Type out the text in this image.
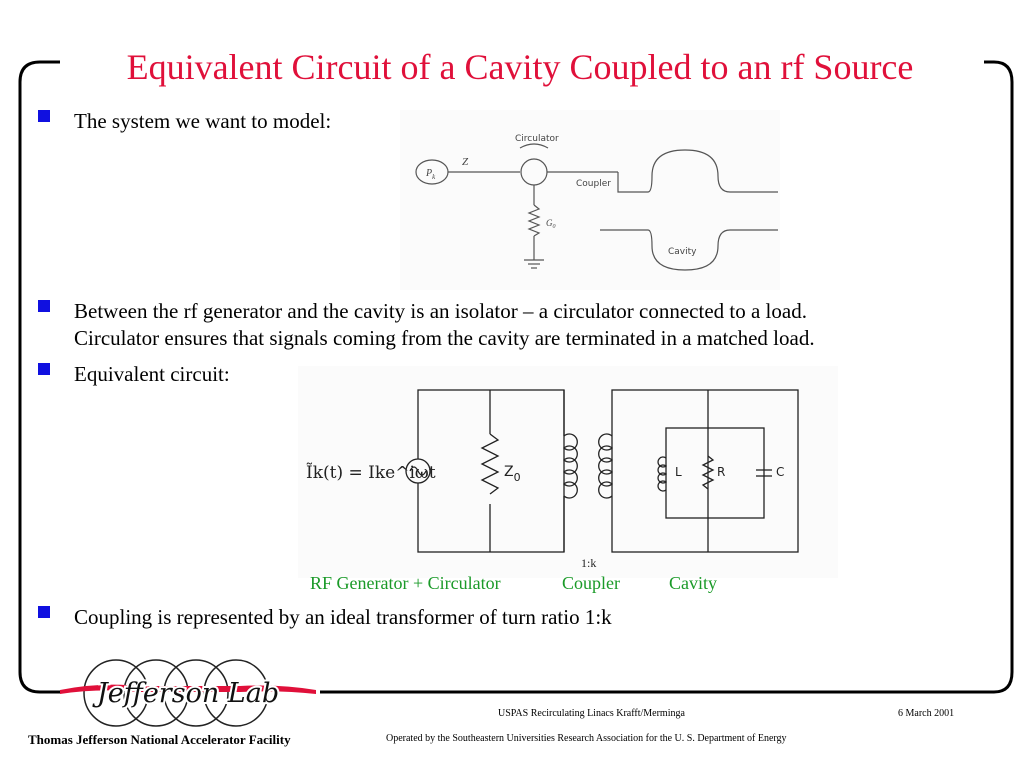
Equivalent Circuit of a Cavity Coupled to an rf Source
The system we want to model:
$P_k$
Z
Circulator
Coupler
$G_0$
Cavity
Between the rf generator and the cavity is an isolator – a circulator connected to a load.
Circulator ensures that signals coming from the cavity are terminated in a matched load.
Equivalent circuit:
Ĩk(t) = Ike^iωt	$Z_0$	L	R	C
1:k
RF Generator + Circulator	Coupler	Cavity
Coupling is represented by an ideal transformer of turn ratio 1:k
Jefferson Lab
USPAS Recirculating Linacs Krafft/Merminga	6 March 2001
Thomas Jefferson National Accelerator Facility	Operated by the Southeastern Universities Research Association for the U. S. Department of Energy
